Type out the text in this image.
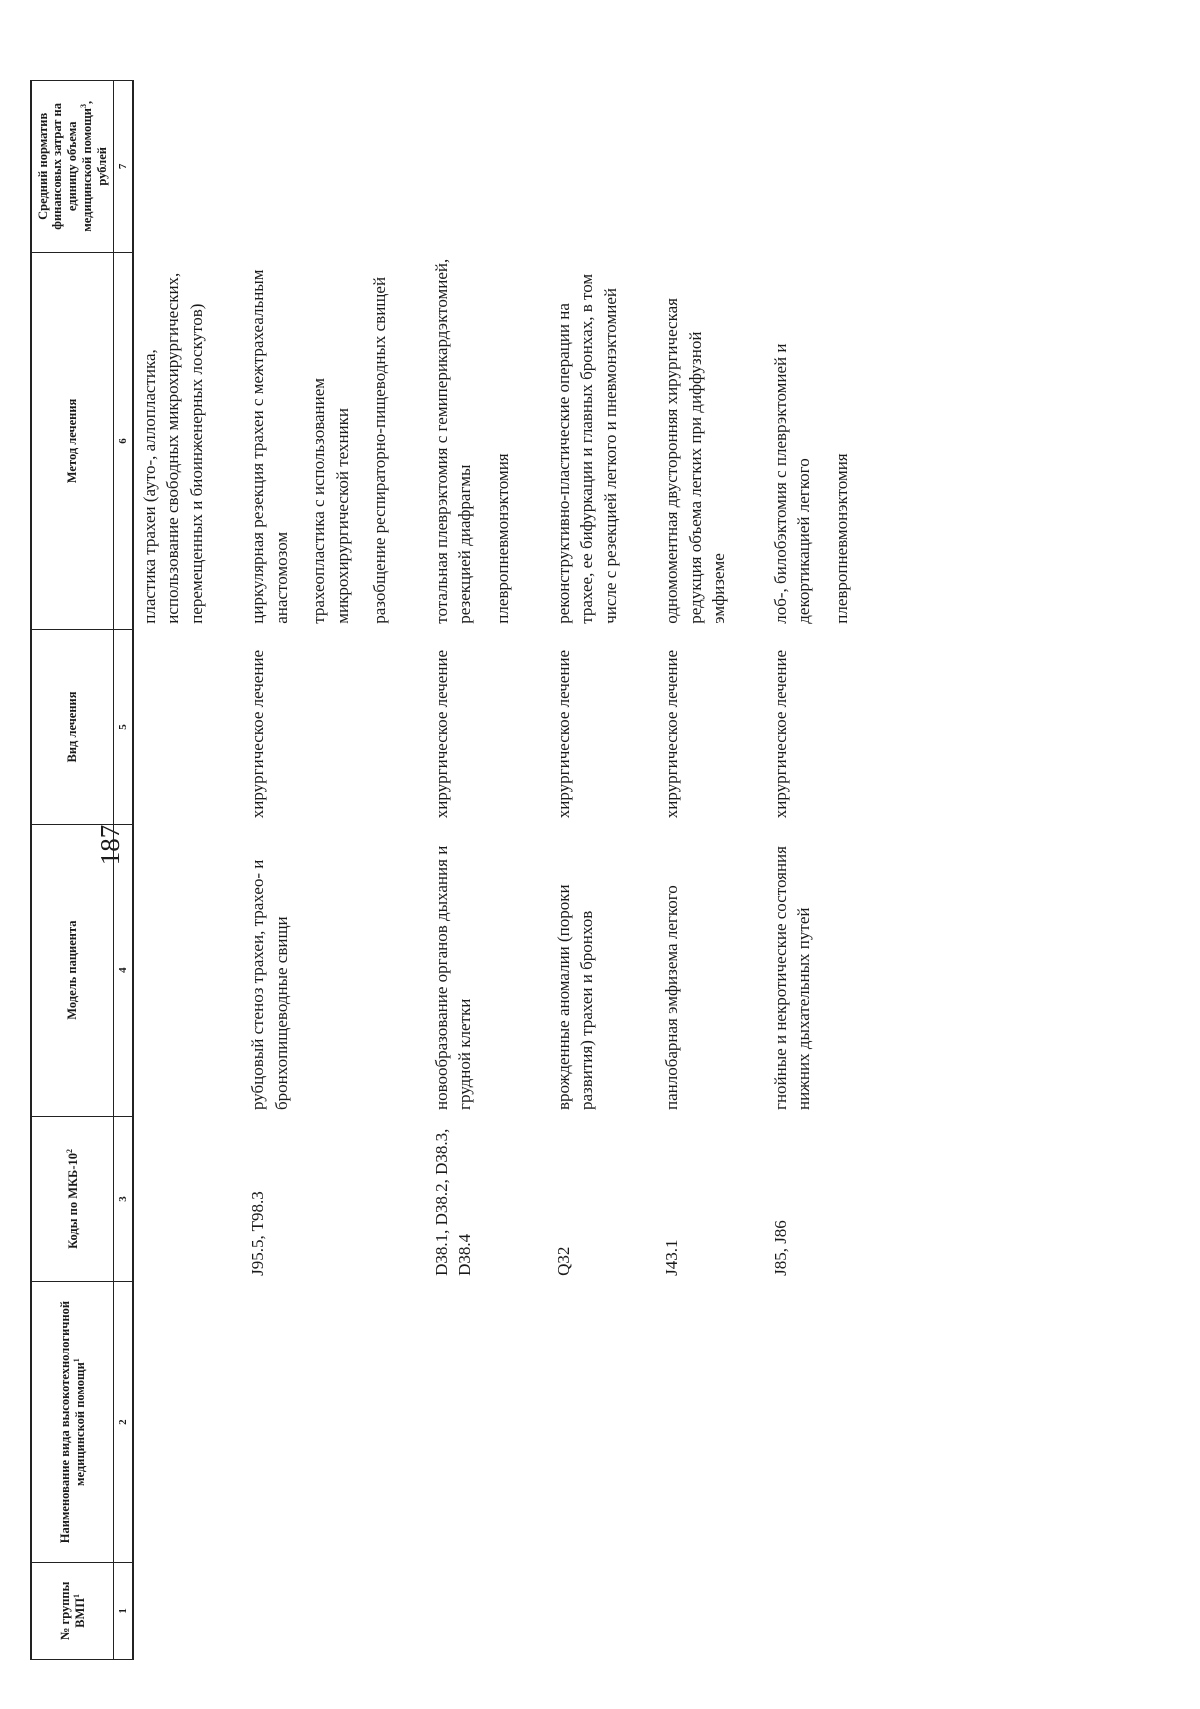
187
№ группы ВМП$^1$	Наименование вида высокотехнологичной медицинской помощи$^1$	Коды по МКБ-$10^2$	Модель пациента	Вид лечения	Метод лечения	Средний норматив финансовых затрат на единицу объема медицинской помощи$^3$, рублей
1	2	3	4	5	6	7

					пластика трахеи (ауто-, аллопластика, использование свободных микрохирургических, перемещенных и биоинженерных лоскутов)	

		J95.5, T98.3	рубцовый стеноз трахеи, трахео- и бронхопищеводные свищи	хирургическое лечение	циркулярная резекция трахеи с межтрахеальным анастомозом трахеопластика с использованием микрохирургической техники разобщение респираторно-пищеводных свищей	

		D38.1, D38.2, D38.3, D38.4	новообразование органов дыхания и грудной клетки	хирургическое лечение	тотальная плеврэктомия с гемиперикардэктомией, резекцией диафрагмы плевропневмонэктомия	

		Q32	врожденные аномалии (пороки развития) трахеи и бронхов	хирургическое лечение	реконструктивно-пластические операции на трахее, ее бифуркации и главных бронхах, в том числе с резекцией легкого и пневмонэктомией	

		J43.1	панлобарная эмфизема легкого	хирургическое лечение	одномоментная двусторонняя хирургическая редукция объема легких при диффузной эмфиземе	

		J85, J86	гнойные и некротические состояния нижних дыхательных путей	хирургическое лечение	лоб-, билобэктомия с плеврэктомией и декортикацией легкого плевропневмонэктомия	
